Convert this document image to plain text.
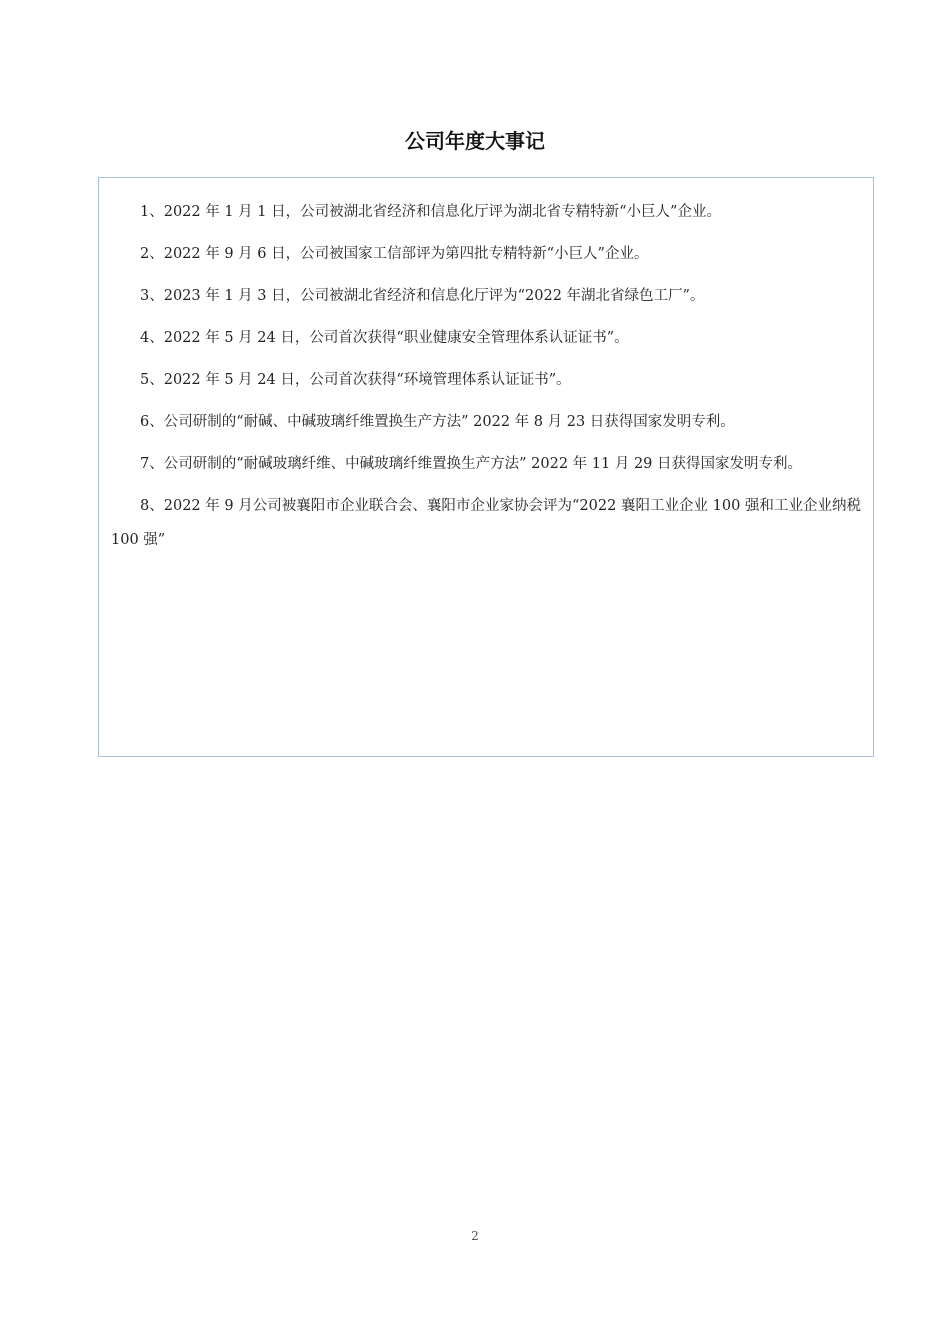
公司年度大事记

1、2022 年 1 月 1 日，公司被湖北省经济和信息化厅评为湖北省专精特新“小巨人”企业。

2、2022 年 9 月 6 日，公司被国家工信部评为第四批专精特新“小巨人”企业。

3、2023 年 1 月 3 日，公司被湖北省经济和信息化厅评为“2022 年湖北省绿色工厂”。

4、2022 年 5 月 24 日，公司首次获得“职业健康安全管理体系认证证书”。

5、2022 年 5 月 24 日，公司首次获得“环境管理体系认证证书”。

6、公司研制的“耐碱、中碱玻璃纤维置换生产方法” 2022 年 8 月 23 日获得国家发明专利。

7、公司研制的“耐碱玻璃纤维、中碱玻璃纤维置换生产方法” 2022 年 11 月 29 日获得国家发明专利。

8、2022 年 9 月公司被襄阳市企业联合会、襄阳市企业家协会评为“2022 襄阳工业企业 100 强和工业企业纳税 100 强”

2
